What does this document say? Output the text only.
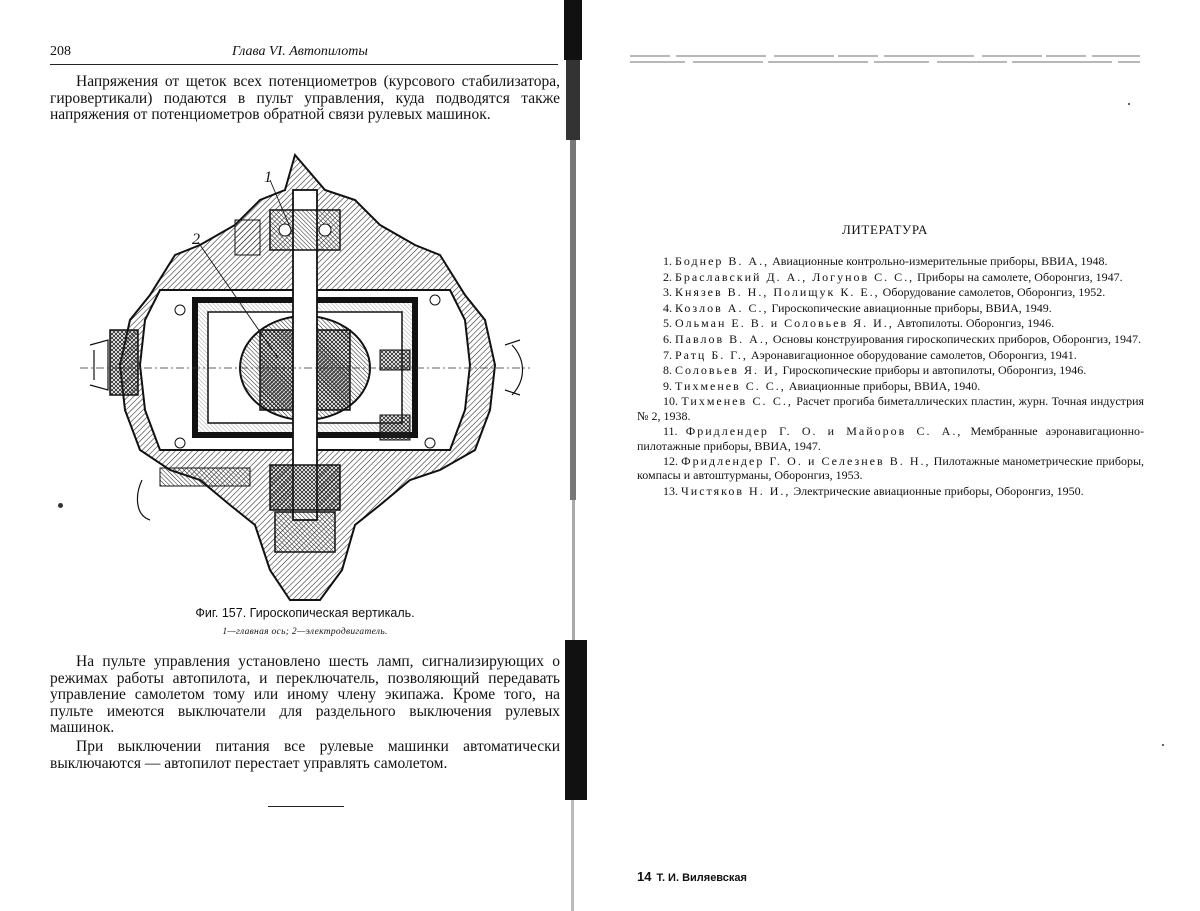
208	Глава VI. Автопилоты

Напряжения от щеток всех потенциометров (курсового стабилизатора, гировертикали) подаются в пульт управления, куда подводятся также напряжения от потенциометров обратной связи рулевых машинок.

1
2
Фиг. 157. Гироскопическая вертикаль.
1—главная ось; 2—электродвигатель.

На пульте управления установлено шесть ламп, сигнализирующих о режимах работы автопилота, и переключатель, позволяющий передавать управление самолетом тому или иному члену экипажа. Кроме того, на пульте имеются выключатели для раздельного выключения рулевых машинок.

При выключении питания все рулевые машинки автоматически выключаются — автопилот перестает управлять самолетом.

ЛИТЕРАТУРА
1. Боднер В. А., Авиационные контрольно-измерительные приборы, ВВИА, 1948.
2. Браславский Д. А., Логунов С. С., Приборы на самолете, Оборонгиз, 1947.
3. Князев В. Н., Полищук К. Е., Оборудование самолетов, Оборонгиз, 1952.
4. Козлов А. С., Гироскопические авиационные приборы, ВВИА, 1949.
5. Ольман Е. В. и Соловьев Я. И., Автопилоты. Оборонгиз, 1946.
6. Павлов В. А., Основы конструирования гироскопических приборов, Оборонгиз, 1947.
7. Ратц Б. Г., Аэронавигационное оборудование самолетов, Оборонгиз, 1941.
8. Соловьев Я. И, Гироскопические приборы и автопилоты, Оборонгиз, 1946.
9. Тихменев С. С., Авиационные приборы, ВВИА, 1940.
10. Тихменев С. С., Расчет прогиба биметаллических пластин, журн. Точная индустрия № 2, 1938.
11. Фридлендер Г. О. и Майоров С. А., Мембранные аэронавигационно-пилотажные приборы, ВВИА, 1947.
12. Фридлендер Г. О. и Селезнев В. Н., Пилотажные манометрические приборы, компасы и автоштурманы, Оборонгиз, 1953.
13. Чистяков Н. И., Электрические авиационные приборы, Оборонгиз, 1950.
14 Т. И. Виляевская
